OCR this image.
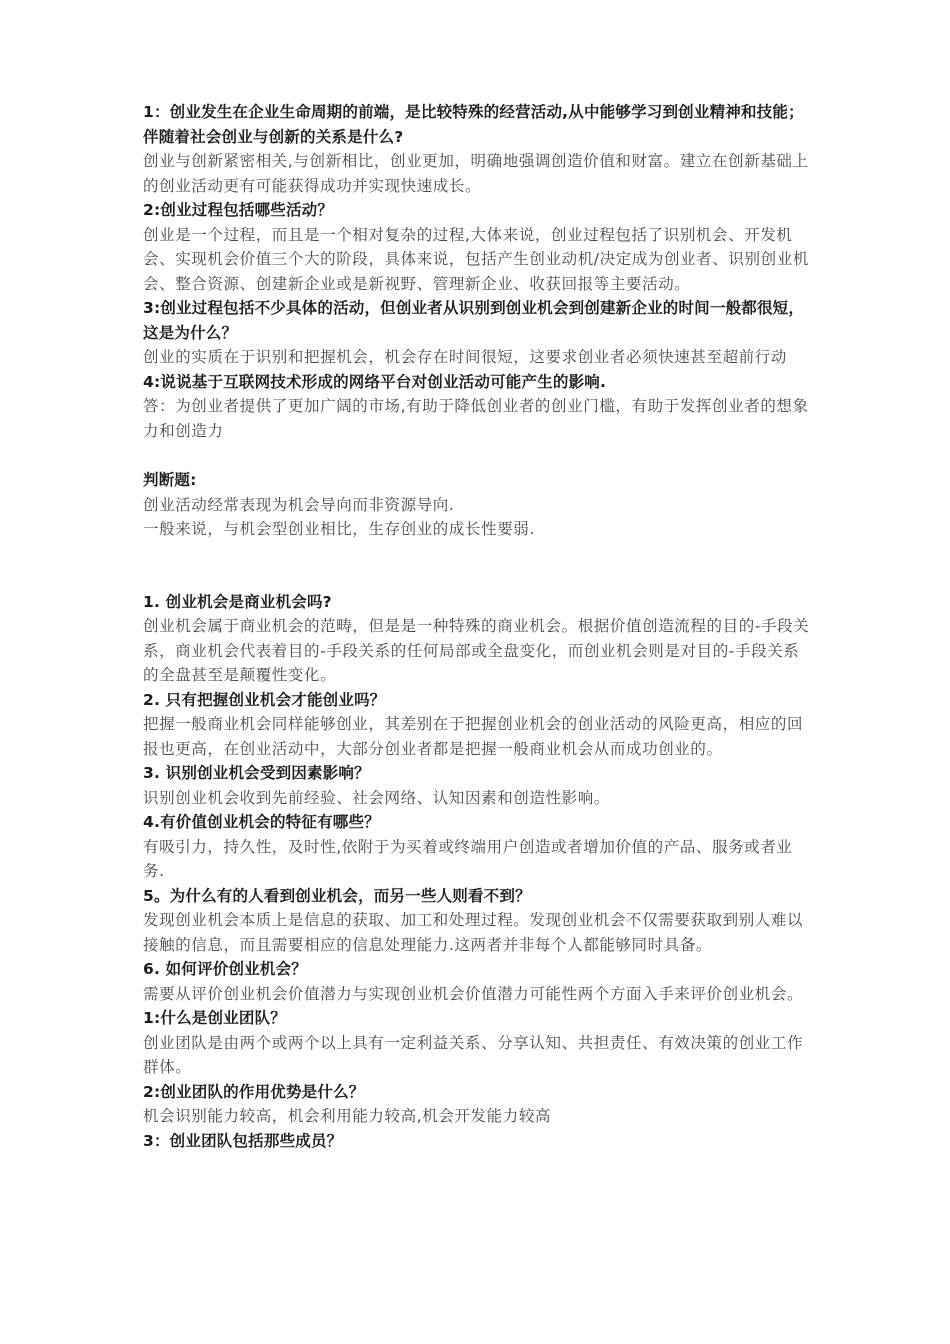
1：创业发生在企业生命周期的前端，是比较特殊的经营活动,从中能够学习到创业精神和技能；伴随着社会创业与创新的关系是什么?

创业与创新紧密相关,与创新相比，创业更加，明确地强调创造价值和财富。建立在创新基础上的创业活动更有可能获得成功并实现快速成长。

2:创业过程包括哪些活动？

创业是一个过程，而且是一个相对复杂的过程,大体来说，创业过程包括了识别机会、开发机会、实现机会价值三个大的阶段，具体来说，包括产生创业动机/决定成为创业者、识别创业机会、整合资源、创建新企业或是新视野、管理新企业、收获回报等主要活动。

3:创业过程包括不少具体的活动，但创业者从识别到创业机会到创建新企业的时间一般都很短，这是为什么？

创业的实质在于识别和把握机会，机会存在时间很短，这要求创业者必须快速甚至超前行动

4:说说基于互联网技术形成的网络平台对创业活动可能产生的影响.

答：为创业者提供了更加广阔的市场,有助于降低创业者的创业门槛，有助于发挥创业者的想象力和创造力

判断题:

创业活动经常表现为机会导向而非资源导向.

一般来说，与机会型创业相比，生存创业的成长性要弱.

1. 创业机会是商业机会吗?

创业机会属于商业机会的范畴，但是是一种特殊的商业机会。根据价值创造流程的目的-手段关系，商业机会代表着目的-手段关系的任何局部或全盘变化，而创业机会则是对目的-手段关系的全盘甚至是颠覆性变化。

2. 只有把握创业机会才能创业吗？

把握一般商业机会同样能够创业，其差别在于把握创业机会的创业活动的风险更高，相应的回报也更高，在创业活动中，大部分创业者都是把握一般商业机会从而成功创业的。

3. 识别创业机会受到因素影响？

识别创业机会收到先前经验、社会网络、认知因素和创造性影响。

4.有价值创业机会的特征有哪些？

有吸引力，持久性，及时性,依附于为买着或终端用户创造或者增加价值的产品、服务或者业务.

5。为什么有的人看到创业机会，而另一些人则看不到？

发现创业机会本质上是信息的获取、加工和处理过程。发现创业机会不仅需要获取到别人难以接触的信息，而且需要相应的信息处理能力.这两者并非每个人都能够同时具备。

6. 如何评价创业机会？

需要从评价创业机会价值潜力与实现创业机会价值潜力可能性两个方面入手来评价创业机会。

1:什么是创业团队？

创业团队是由两个或两个以上具有一定利益关系、分享认知、共担责任、有效决策的创业工作群体。

2:创业团队的作用优势是什么？

机会识别能力较高，机会利用能力较高,机会开发能力较高

3：创业团队包括那些成员？
